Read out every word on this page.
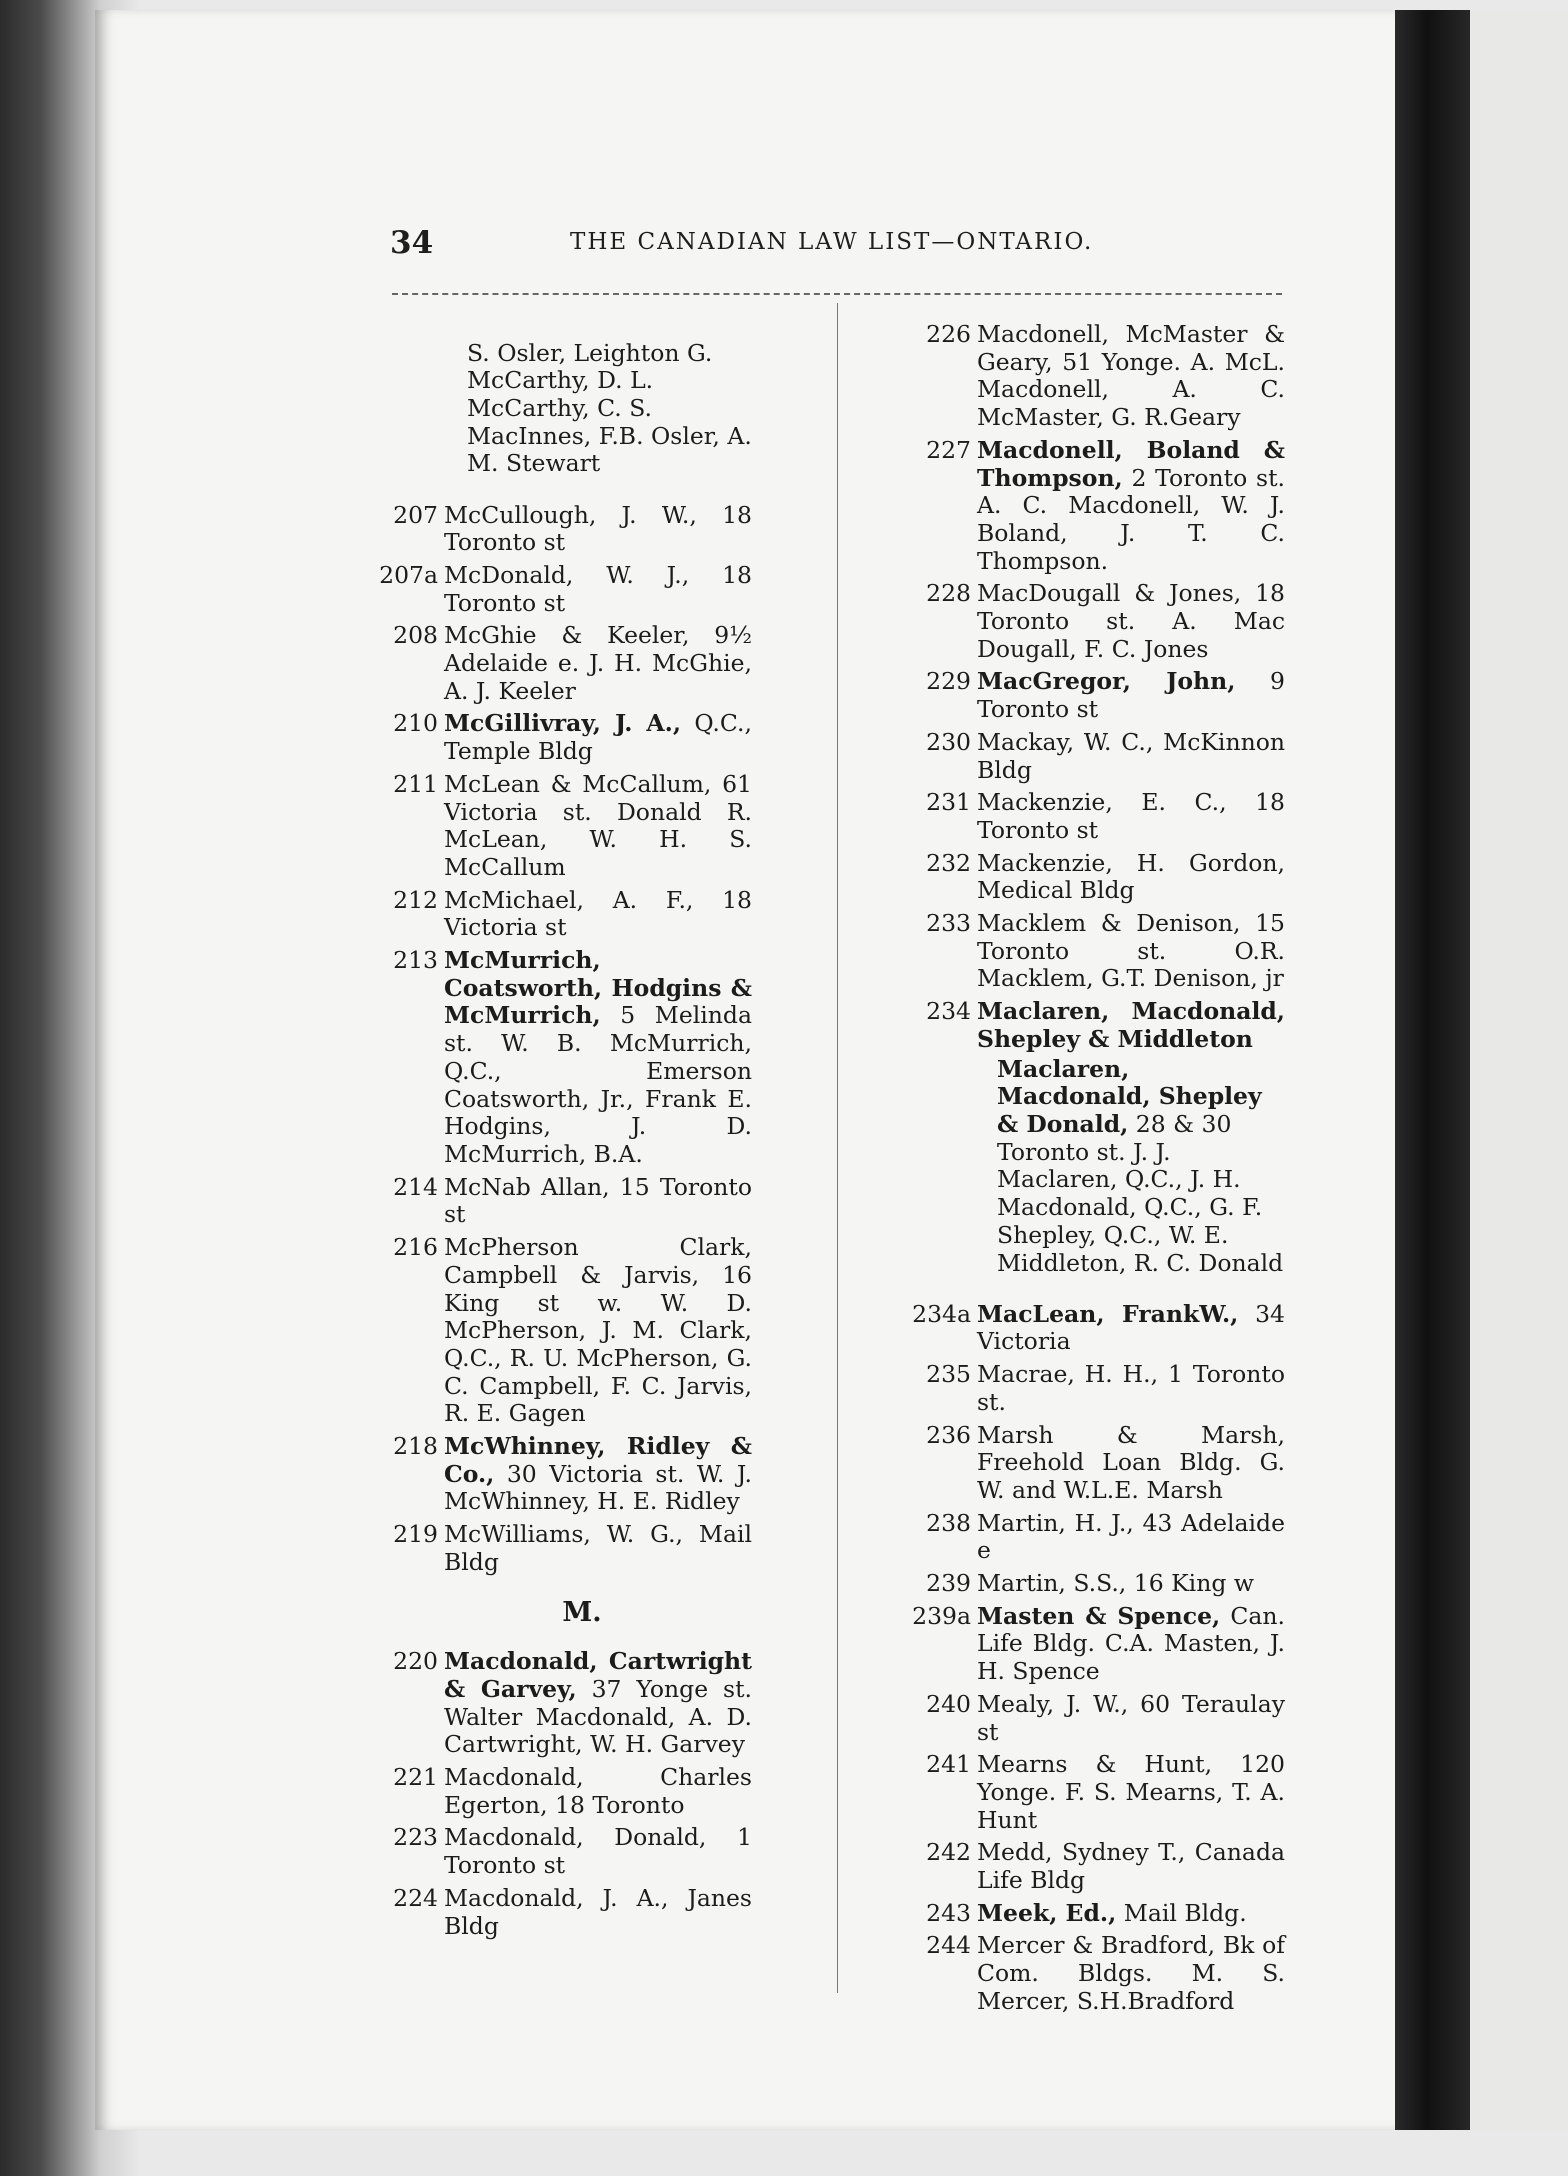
34	THE CANADIAN LAW LIST—ONTARIO.

S. Osler, Leighton G. McCarthy, D. L. McCarthy, C. S. MacInnes, F.B. Osler, A. M. Stewart

207 McCullough, J. W., 18 Toronto st

207a McDonald, W. J., 18 Toronto st

208 McGhie & Keeler, 9½ Adelaide e. J. H. McGhie, A. J. Keeler

210 McGillivray, J. A., Q.C., Temple Bldg

211 McLean & McCallum, 61 Victoria st. Donald R. McLean, W. H. S. McCallum

212 McMichael, A. F., 18 Victoria st

213 McMurrich, Coatsworth, Hodgins & McMurrich, 5 Melinda st. W. B. McMurrich, Q.C., Emerson Coatsworth, Jr., Frank E. Hodgins, J. D. McMurrich, B.A.

214 McNab Allan, 15 Toronto st

216 McPherson Clark, Campbell & Jarvis, 16 King st w. W. D. McPherson, J. M. Clark, Q.C., R. U. McPherson, G. C. Campbell, F. C. Jarvis, R. E. Gagen

218 McWhinney, Ridley & Co., 30 Victoria st. W. J. McWhinney, H. E. Ridley

219 McWilliams, W. G., Mail Bldg

M.

220 Macdonald, Cartwright & Garvey, 37 Yonge st. Walter Macdonald, A. D. Cartwright, W. H. Garvey

221 Macdonald, Charles Egerton, 18 Toronto

223 Macdonald, Donald, 1 Toronto st

224 Macdonald, J. A., Janes Bldg

226 Macdonell, McMaster & Geary, 51 Yonge. A. McL. Macdonell, A. C. McMaster, G. R.Geary

227 Macdonell, Boland & Thompson, 2 Toronto st. A. C. Macdonell, W. J. Boland, J. T. C. Thompson.

228 MacDougall & Jones, 18 Toronto st. A. Mac Dougall, F. C. Jones

229 MacGregor, John, 9 Toronto st

230 Mackay, W. C., McKinnon Bldg

231 Mackenzie, E. C., 18 Toronto st

232 Mackenzie, H. Gordon, Medical Bldg

233 Macklem & Denison, 15 Toronto st. O.R. Macklem, G.T. Denison, jr

234 Maclaren, Macdonald, Shepley & Middleton

Maclaren, Macdonald, Shepley & Donald, 28 & 30 Toronto st. J. J. Maclaren, Q.C., J. H. Macdonald, Q.C., G. F. Shepley, Q.C., W. E. Middleton, R. C. Donald

234a MacLean, FrankW., 34 Victoria

235 Macrae, H. H., 1 Toronto st.

236 Marsh & Marsh, Freehold Loan Bldg. G. W. and W.L.E. Marsh

238 Martin, H. J., 43 Adelaide e

239 Martin, S.S., 16 King w

239a Masten & Spence, Can. Life Bldg. C.A. Masten, J. H. Spence

240 Mealy, J. W., 60 Teraulay st

241 Mearns & Hunt, 120 Yonge. F. S. Mearns, T. A. Hunt

242 Medd, Sydney T., Canada Life Bldg

243 Meek, Ed., Mail Bldg.

244 Mercer & Bradford, Bk of Com. Bldgs. M. S. Mercer, S.H.Bradford
